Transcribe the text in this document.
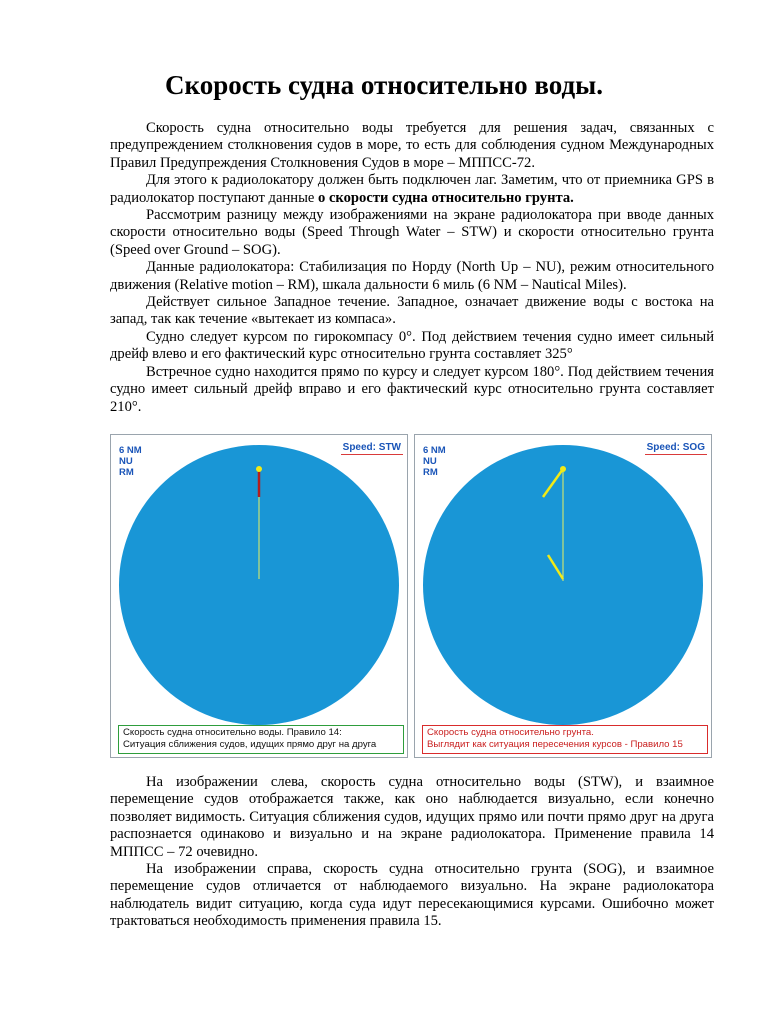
Скорость судна относительно воды.

Скорость судна относительно воды требуется для решения задач, связанных с предупреждением столкновения судов в море, то есть для соблюдения судном Международных Правил Предупреждения Столкновения Судов в море – МППСС-72.

Для этого к радиолокатору должен быть подключен лаг. Заметим, что от приемника GPS в радиолокатор поступают данные о скорости судна относительно грунта.

Рассмотрим разницу между изображениями на экране радиолокатора при вводе данных скорости относительно воды (Speed Through Water – STW) и скорости относительно грунта (Speed over Ground – SOG).

Данные радиолокатора: Стабилизация по Норду (North Up – NU), режим относительного движения (Relative motion – RM), шкала дальности 6 миль (6 NM – Nautical Miles).

Действует сильное Западное течение. Западное, означает движение воды с востока на запад, так как течение «вытекает из компаса».

Судно следует курсом по гирокомпасу 0°. Под действием течения судно имеет сильный дрейф влево и его фактический курс относительно грунта составляет 325°

Встречное судно находится прямо по курсу и следует курсом 180°. Под действием течения судно имеет сильный дрейф вправо и его фактический курс относительно грунта составляет 210°.

6 NM
NU
RM
Speed: STW
Скорость судна относительно воды. Правило 14:
Ситуация сближения судов, идущих прямо друг на друга
6 NM
NU
RM
Speed: SOG
Скорость судна относительно грунта.
Выглядит как ситуация пересечения курсов - Правило 15

На изображении слева, скорость судна относительно воды (STW), и взаимное перемещение судов отображается также, как оно наблюдается визуально, если конечно позволяет видимость. Ситуация сближения судов, идущих прямо или почти прямо друг на друга распознается одинаково и визуально и на экране радиолокатора. Применение правила 14 МППСС – 72 очевидно.

На изображении справа, скорость судна относительно грунта (SOG), и взаимное перемещение судов отличается от наблюдаемого визуально. На экране радиолокатора наблюдатель видит ситуацию, когда суда идут пересекающимися курсами. Ошибочно может трактоваться необходимость применения правила 15.
